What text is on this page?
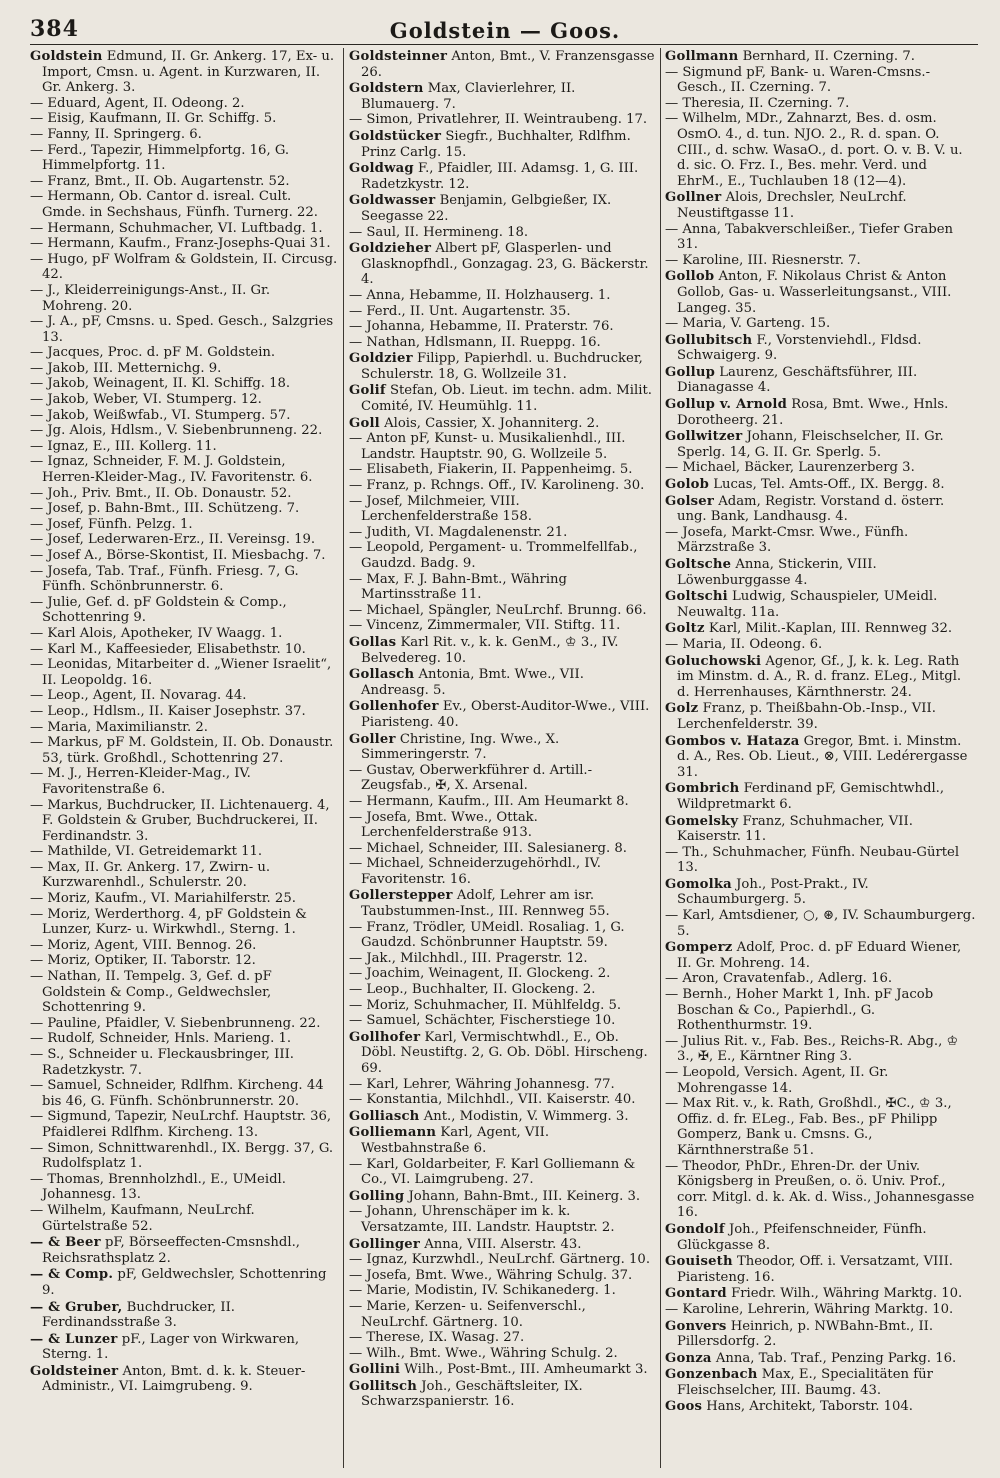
384	Goldstein — Goos.

Goldstein Edmund, II. Gr. Ankerg. 17, Ex- u. Import, Cmsn. u. Agent. in Kurzwaren, II. Gr. Ankerg. 3.

— Eduard, Agent, II. Odeong. 2.

— Eisig, Kaufmann, II. Gr. Schiffg. 5.

— Fanny, II. Springerg. 6.

— Ferd., Tapezir, Himmelpfortg. 16, G. Himmelpfortg. 11.

— Franz, Bmt., II. Ob. Augartenstr. 52.

— Hermann, Ob. Cantor d. isreal. Cult. Gmde. in Sechshaus, Fünfh. Turnerg. 22.

— Hermann, Schuhmacher, VI. Luftbadg. 1.

— Hermann, Kaufm., Franz-Josephs-Quai 31.

— Hugo, pF Wolfram & Goldstein, II. Circusg. 42.

— J., Kleiderreinigungs-Anst., II. Gr. Mohreng. 20.

— J. A., pF, Cmsns. u. Sped. Gesch., Salzgries 13.

— Jacques, Proc. d. pF M. Goldstein.

— Jakob, III. Metternichg. 9.

— Jakob, Weinagent, II. Kl. Schiffg. 18.

— Jakob, Weber, VI. Stumperg. 12.

— Jakob, Weißwfab., VI. Stumperg. 57.

— Jg. Alois, Hdlsm., V. Siebenbrunneng. 22.

— Ignaz, E., III. Kollerg. 11.

— Ignaz, Schneider, F. M. J. Goldstein, Herren-Kleider-Mag., IV. Favoritenstr. 6.

— Joh., Priv. Bmt., II. Ob. Donaustr. 52.

— Josef, p. Bahn-Bmt., III. Schützeng. 7.

— Josef, Fünfh. Pelzg. 1.

— Josef, Lederwaren-Erz., II. Vereinsg. 19.

— Josef A., Börse-Skontist, II. Miesbachg. 7.

— Josefa, Tab. Traf., Fünfh. Friesg. 7, G. Fünfh. Schönbrunnerstr. 6.

— Julie, Gef. d. pF Goldstein & Comp., Schottenring 9.

— Karl Alois, Apotheker, IV Waagg. 1.

— Karl M., Kaffeesieder, Elisabethstr. 10.

— Leonidas, Mitarbeiter d. „Wiener Israelit“, II. Leopoldg. 16.

— Leop., Agent, II. Novarag. 44.

— Leop., Hdlsm., II. Kaiser Josephstr. 37.

— Maria, Maximilianstr. 2.

— Markus, pF M. Goldstein, II. Ob. Donaustr. 53, türk. Großhdl., Schottenring 27.

— M. J., Herren-Kleider-Mag., IV. Favoritenstraße 6.

— Markus, Buchdrucker, II. Lichtenauerg. 4, F. Goldstein & Gruber, Buchdruckerei, II. Ferdinandstr. 3.

— Mathilde, VI. Getreidemarkt 11.

— Max, II. Gr. Ankerg. 17, Zwirn- u. Kurzwarenhdl., Schulerstr. 20.

— Moriz, Kaufm., VI. Mariahilferstr. 25.

— Moriz, Werderthorg. 4, pF Goldstein & Lunzer, Kurz- u. Wirkwhdl., Sterng. 1.

— Moriz, Agent, VIII. Bennog. 26.

— Moriz, Optiker, II. Taborstr. 12.

— Nathan, II. Tempelg. 3, Gef. d. pF Goldstein & Comp., Geldwechsler, Schottenring 9.

— Pauline, Pfaidler, V. Siebenbrunneng. 22.

— Rudolf, Schneider, Hnls. Marieng. 1.

— S., Schneider u. Fleckausbringer, III. Radetzkystr. 7.

— Samuel, Schneider, Rdlfhm. Kircheng. 44 bis 46, G. Fünfh. Schönbrunnerstr. 20.

— Sigmund, Tapezir, NeuLrchf. Hauptstr. 36, Pfaidlerei Rdlfhm. Kircheng. 13.

— Simon, Schnittwarenhdl., IX. Bergg. 37, G. Rudolfsplatz 1.

— Thomas, Brennholzhdl., E., UMeidl. Johannesg. 13.

— Wilhelm, Kaufmann, NeuLrchf. Gürtelstraße 52.

— & Beer pF, Börseeffecten-Cmsnshdl., Reichsrathsplatz 2.

— & Comp. pF, Geldwechsler, Schottenring 9.

— & Gruber, Buchdrucker, II. Ferdinandsstraße 3.

— & Lunzer pF., Lager von Wirkwaren, Sterng. 1.

Goldsteiner Anton, Bmt. d. k. k. Steuer-Administr., VI. Laimgrubeng. 9.

Goldsteinner Anton, Bmt., V. Franzensgasse 26.

Goldstern Max, Clavierlehrer, II. Blumauerg. 7.

— Simon, Privatlehrer, II. Weintraubeng. 17.

Goldstücker Siegfr., Buchhalter, Rdlfhm. Prinz Carlg. 15.

Goldwag F., Pfaidler, III. Adamsg. 1, G. III. Radetzkystr. 12.

Goldwasser Benjamin, Gelbgießer, IX. Seegasse 22.

— Saul, II. Hermineng. 18.

Goldzieher Albert pF, Glasperlen- und Glasknopfhdl., Gonzagag. 23, G. Bäckerstr. 4.

— Anna, Hebamme, II. Holzhauserg. 1.

— Ferd., II. Unt. Augartenstr. 35.

— Johanna, Hebamme, II. Praterstr. 76.

— Nathan, Hdlsmann, II. Ruepрg. 16.

Goldzier Filipp, Papierhdl. u. Buchdrucker, Schulerstr. 18, G. Wollzeile 31.

Golif Stefan, Ob. Lieut. im techn. adm. Milit. Comité, IV. Heumühlg. 11.

Goll Alois, Cassier, X. Johanniterg. 2.

— Anton pF, Kunst- u. Musikalienhdl., III. Landstr. Hauptstr. 90, G. Wollzeile 5.

— Elisabeth, Fiakerin, II. Pappenheimg. 5.

— Franz, p. Rchngs. Off., IV. Karolineng. 30.

— Josef, Milchmeier, VIII. Lerchenfelderstraße 158.

— Judith, VI. Magdalenenstr. 21.

— Leopold, Pergament- u. Trommelfellfab., Gaudzd. Badg. 9.

— Max, F. J. Bahn-Bmt., Währing Martinsstraße 11.

— Michael, Spängler, NeuLrchf. Brunng. 66.

— Vincenz, Zimmermaler, VII. Stiftg. 11.

Gollas Karl Rit. v., k. k. GenM., ♔ 3., IV. Belvedereg. 10.

Gollasch Antonia, Bmt. Wwe., VII. Andreasg. 5.

Gollenhofer Ev., Oberst-Auditor-Wwe., VIII. Piaristeng. 40.

Goller Christine, Ing. Wwe., X. Simmeringerstr. 7.

— Gustav, Oberwerkführer d. Artill.-Zeugsfab., ✠, X. Arsenal.

— Hermann, Kaufm., III. Am Heumarkt 8.

— Josefa, Bmt. Wwe., Ottak. Lerchenfelderstraße 913.

— Michael, Schneider, III. Salesianerg. 8.

— Michael, Schneiderzugehörhdl., IV. Favoritenstr. 16.

Gollerstepper Adolf, Lehrer am isr. Taubstummen-Inst., III. Rennweg 55.

— Franz, Trödler, UMeidl. Rosaliag. 1, G. Gaudzd. Schönbrunner Hauptstr. 59.

— Jak., Milchhdl., III. Pragerstr. 12.

— Joachim, Weinagent, II. Glockeng. 2.

— Leop., Buchhalter, II. Glockeng. 2.

— Moriz, Schuhmacher, II. Mühlfeldg. 5.

— Samuel, Schächter, Fischerstiege 10.

Gollhofer Karl, Vermischtwhdl., E., Ob. Döbl. Neustiftg. 2, G. Ob. Döbl. Hirscheng. 69.

— Karl, Lehrer, Währing Johannesg. 77.

— Konstantia, Milchhdl., VII. Kaiserstr. 40.

Golliasch Ant., Modistin, V. Wimmerg. 3.

Golliemann Karl, Agent, VII. Westbahnstraße 6.

— Karl, Goldarbeiter, F. Karl Golliemann & Co., VI. Laimgrubeng. 27.

Golling Johann, Bahn-Bmt., III. Keinerg. 3.

— Johann, Uhrenschäper im k. k. Versatzamte, III. Landstr. Hauptstr. 2.

Gollinger Anna, VIII. Alserstr. 43.

— Ignaz, Kurzwhdl., NeuLrchf. Gärtnerg. 10.

— Josefa, Bmt. Wwe., Währing Schulg. 37.

— Marie, Modistin, IV. Schikanederg. 1.

— Marie, Kerzen- u. Seifenverschl., NeuLrchf. Gärtnerg. 10.

— Therese, IX. Wasag. 27.

— Wilh., Bmt. Wwe., Währing Schulg. 2.

Gollini Wilh., Post-Bmt., III. Amheumarkt 3.

Gollitsch Joh., Geschäftsleiter, IX. Schwarzspanierstr. 16.

Gollmann Bernhard, II. Czerning. 7.

— Sigmund pF, Bank- u. Waren-Cmsns.-Gesch., II. Czerning. 7.

— Theresia, II. Czerning. 7.

— Wilhelm, MDr., Zahnarzt, Bes. d. osm. OsmO. 4., d. tun. NJO. 2., R. d. span. O. CIII., d. schw. WasaO., d. port. O. v. B. V. u. d. sic. O. Frz. I., Bes. mehr. Verd. und EhrM., E., Tuchlauben 18 (12—4).

Gollner Alois, Drechsler, NeuLrchf. Neustiftgasse 11.

— Anna, Tabakverschleißer., Tiefer Graben 31.

— Karoline, III. Riesnerstr. 7.

Gollob Anton, F. Nikolaus Christ & Anton Gollob, Gas- u. Wasserleitungsanst., VIII. Langeg. 35.

— Maria, V. Garteng. 15.

Gollubitsch F., Vorstenviehdl., Fldsd. Schwaigerg. 9.

Gollup Laurenz, Geschäftsführer, III. Dianagasse 4.

Gollup v. Arnold Rosa, Bmt. Wwe., Hnls. Dorotheerg. 21.

Gollwitzer Johann, Fleischselcher, II. Gr. Sperlg. 14, G. II. Gr. Sperlg. 5.

— Michael, Bäcker, Laurenzerberg 3.

Golob Lucas, Tel. Amts-Off., IX. Bergg. 8.

Golser Adam, Registr. Vorstand d. österr. ung. Bank, Landhausg. 4.

— Josefa, Markt-Cmsr. Wwe., Fünfh. Märzstraße 3.

Goltsche Anna, Stickerin, VIII. Löwenburggasse 4.

Goltschi Ludwig, Schauspieler, UMeidl. Neuwaltg. 11a.

Goltz Karl, Milit.-Kaplan, III. Rennweg 32.

— Maria, II. Odeong. 6.

Goluchowski Agenor, Gf., J, k. k. Leg. Rath im Minstm. d. A., R. d. franz. ELeg., Mitgl. d. Herrenhauses, Kärnthnerstr. 24.

Golz Franz, p. Theißbahn-Ob.-Insp., VII. Lerchenfelderstr. 39.

Gombos v. Hataza Gregor, Bmt. i. Minstm. d. A., Res. Ob. Lieut., ⊗, VIII. Ledérergasse 31.

Gombrich Ferdinand pF, Gemischtwhdl., Wildpretmarkt 6.

Gomelsky Franz, Schuhmacher, VII. Kaiserstr. 11.

— Th., Schuhmacher, Fünfh. Neubau-Gürtel 13.

Gomolka Joh., Post-Prakt., IV. Schaumburgerg. 5.

— Karl, Amtsdiener, ○, ⊛, IV. Schaumburgerg. 5.

Gomperz Adolf, Proc. d. pF Eduard Wiener, II. Gr. Mohreng. 14.

— Aron, Cravatenfab., Adlerg. 16.

— Bernh., Hoher Markt 1, Inh. pF Jacob Boschan & Co., Papierhdl., G. Rothenthurmstr. 19.

— Julius Rit. v., Fab. Bes., Reichs-R. Abg., ♔ 3., ✠, E., Kärntner Ring 3.

— Leopold, Versich. Agent, II. Gr. Mohrengasse 14.

— Max Rit. v., k. Rath, Großhdl., ✠C., ♔ 3., Offiz. d. fr. ELeg., Fab. Bes., pF Philipp Gomperz, Bank u. Cmsns. G., Kärnthnerstraße 51.

— Theodor, PhDr., Ehren-Dr. der Univ. Königsberg in Preußen, o. ö. Univ. Prof., corr. Mitgl. d. k. Ak. d. Wiss., Johannesgasse 16.

Gondolf Joh., Pfeifenschneider, Fünfh. Glückgasse 8.

Gouiseth Theodor, Off. i. Versatzamt, VIII. Piaristeng. 16.

Gontard Friedr. Wilh., Währing Marktg. 10.

— Karoline, Lehrerin, Währing Marktg. 10.

Gonvers Heinrich, p. NWBahn-Bmt., II. Pillersdorfg. 2.

Gonza Anna, Tab. Traf., Penzing Parkg. 16.

Gonzenbach Max, E., Specialitäten für Fleischselcher, III. Baumg. 43.

Goos Hans, Architekt, Taborstr. 104.
